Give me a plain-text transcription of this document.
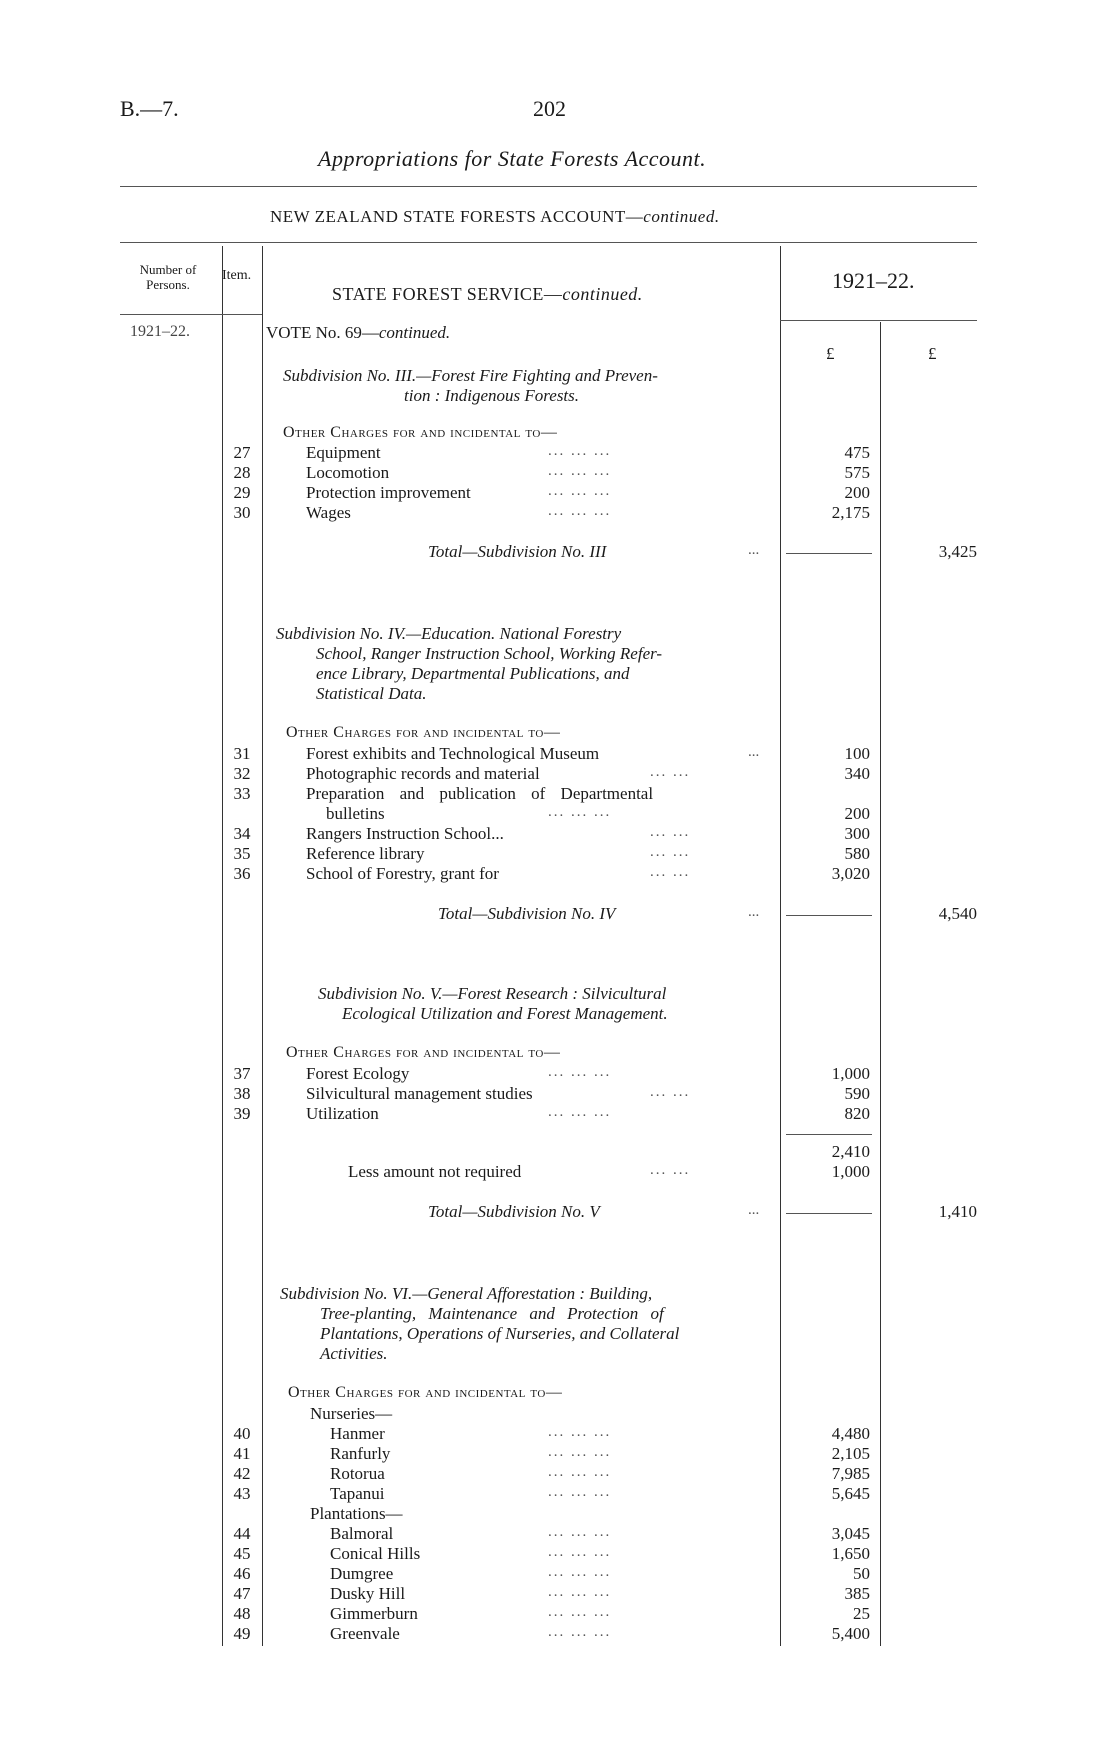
B.—7.	202
Appropriations for State Forests Account.
NEW ZEALAND STATE FORESTS ACCOUNT—continued.
Number of Persons.
Item.
STATE FOREST SERVICE—continued.
1921–22.
1921–22.	VOTE No. 69—continued.
£	£
Subdivision No. III.—Forest Fire Fighting and Preven-
tion : Indigenous Forests.
Other Charges for and incidental to—
27	Equipment	... ... ...	475
28	Locomotion	... ... ...	575
29	Protection improvement	... ... ...	200
30	Wages	... ... ...	2,175
Total—Subdivision No. III	...	3,425
Subdivision No. IV.—Education. National Forestry
School, Ranger Instruction School, Working Refer-
ence Library, Departmental Publications, and
Statistical Data.
Other Charges for and incidental to—
31	Forest exhibits and Technological Museum	...	100
32	Photographic records and material	... ...	340
33	Preparation and publication of Departmental
bulletins	... ... ...	200
34	Rangers Instruction School...	... ...	300
35	Reference library	... ...	580
36	School of Forestry, grant for	... ...	3,020
Total—Subdivision No. IV	...	4,540
Subdivision No. V.—Forest Research : Silvicultural
Ecological Utilization and Forest Management.
Other Charges for and incidental to—
37	Forest Ecology	... ... ...	1,000
38	Silvicultural management studies	... ...	590
39	Utilization	... ... ...	820
2,410
Less amount not required	... ...	1,000
Total—Subdivision No. V	...	1,410
Subdivision No. VI.—General Afforestation : Building,
Tree-planting, Maintenance and Protection of
Plantations, Operations of Nurseries, and Collateral
Activities.
Other Charges for and incidental to—
Nurseries—
40	Hanmer	... ... ...	4,480
41	Ranfurly	... ... ...	2,105
42	Rotorua	... ... ...	7,985
43	Tapanui	... ... ...	5,645
Plantations—
44	Balmoral	... ... ...	3,045
45	Conical Hills	... ... ...	1,650
46	Dumgree	... ... ...	50
47	Dusky Hill	... ... ...	385
48	Gimmerburn	... ... ...	25
49	Greenvale	... ... ...	5,400
